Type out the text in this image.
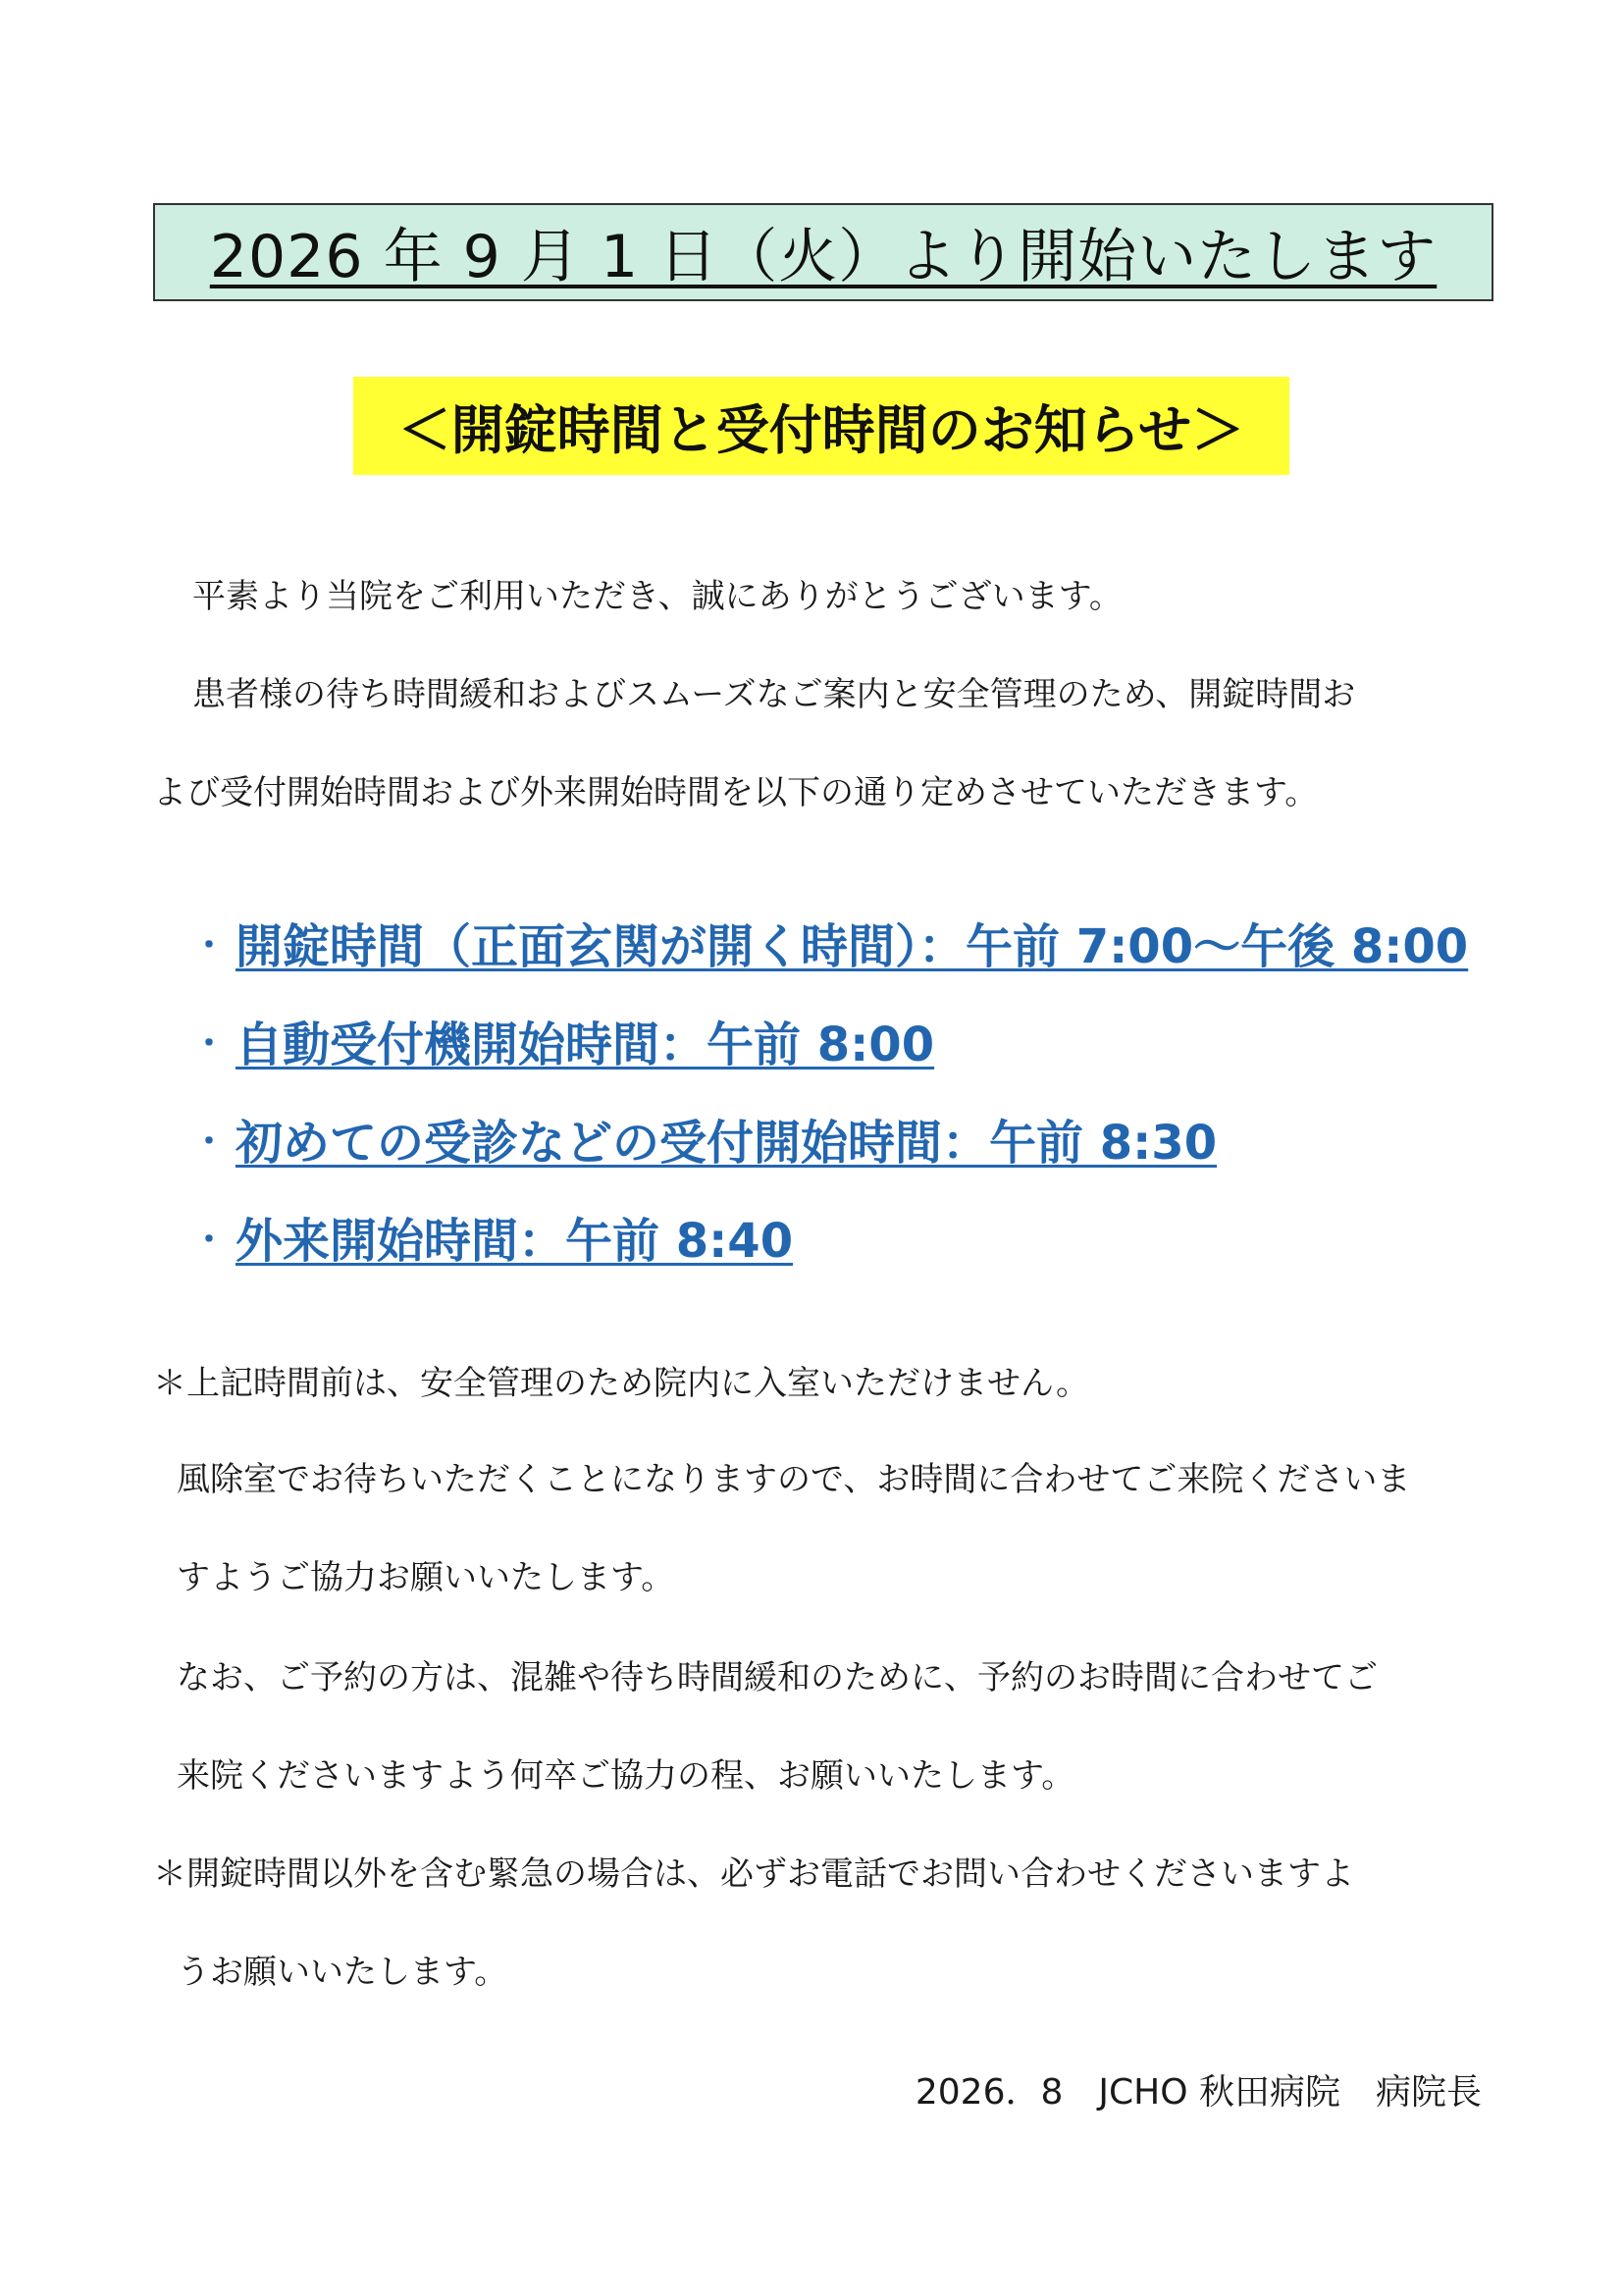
2026 年 9 月 1 日（火）より開始いたします
＜開錠時間と受付時間のお知らせ＞
平素より当院をご利用いただき、誠にありがとうございます。
患者様の待ち時間緩和およびスムーズなご案内と安全管理のため、開錠時間お
よび受付開始時間および外来開始時間を以下の通り定めさせていただきます。
・ 開錠時間（正面玄関が開く時間）：午前 7:00〜午後 8:00
・ 自動受付機開始時間：午前 8:00
・ 初めての受診などの受付開始時間：午前 8:30
・ 外来開始時間：午前 8:40
＊上記時間前は、安全管理のため院内に入室いただけません。
風除室でお待ちいただくことになりますので、お時間に合わせてご来院くださいま
すようご協力お願いいたします。
なお、ご予約の方は、混雑や待ち時間緩和のために、予約のお時間に合わせてご
来院くださいますよう何卒ご協力の程、お願いいたします。
＊開錠時間以外を含む緊急の場合は、必ずお電話でお問い合わせくださいますよ
うお願いいたします。
2026．8　JCHO 秋田病院　病院長
